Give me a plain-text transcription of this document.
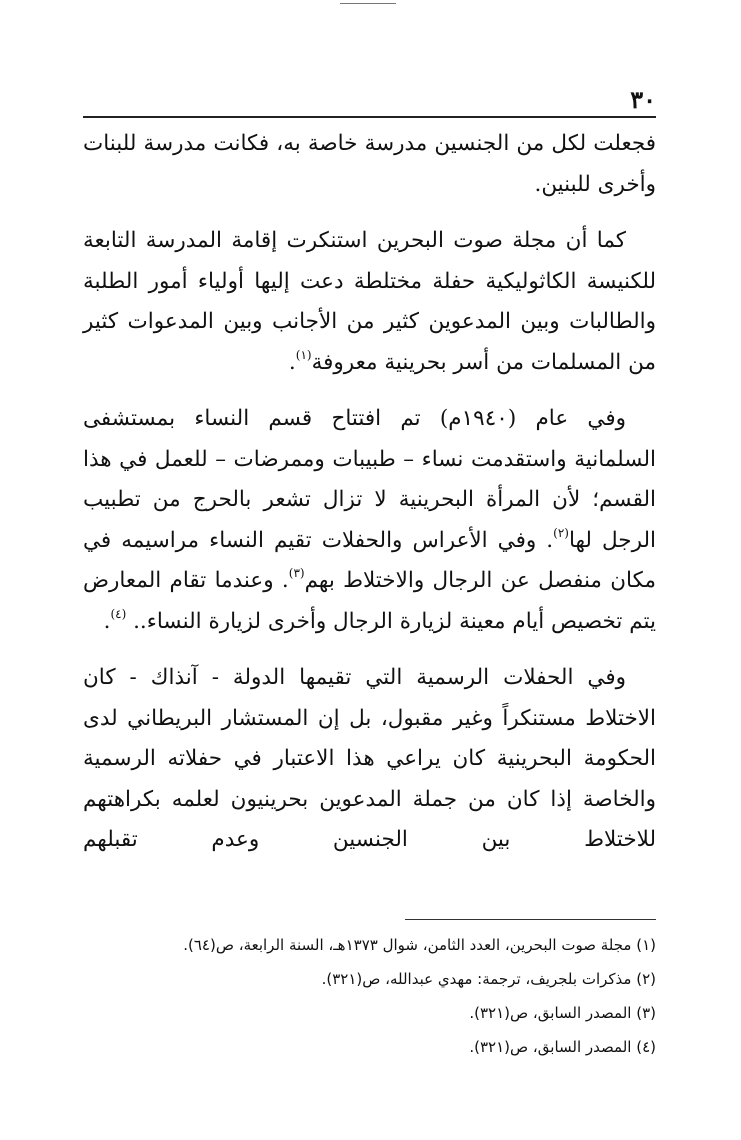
٣٠

فجعلت لكل من الجنسين مدرسة خاصة به، فكانت مدرسة للبنات وأخرى للبنين.

كما أن مجلة صوت البحرين استنكرت إقامة المدرسة التابعة للكنيسة الكاثوليكية حفلة مختلطة دعت إليها أولياء أمور الطلبة والطالبات وبين المدعوين كثير من الأجانب وبين المدعوات كثير من المسلمات من أسر بحرينية معروفة$^{(١)}$.

وفي عام (١٩٤٠م) تم افتتاح قسم النساء بمستشفى السلمانية واستقدمت نساء – طبيبات وممرضات – للعمل في هذا القسم؛ لأن المرأة البحرينية لا تزال تشعر بالحرج من تطبيب الرجل لها$^{(٢)}$. وفي الأعراس والحفلات تقيم النساء مراسيمه في مكان منفصل عن الرجال والاختلاط بهم$^{(٣)}$. وعندما تقام المعارض يتم تخصيص أيام معينة لزيارة الرجال وأخرى لزيارة النساء.. $^{(٤)}$.

وفي الحفلات الرسمية التي تقيمها الدولة - آنذاك - كان الاختلاط مستنكراً وغير مقبول، بل إن المستشار البريطاني لدى الحكومة البحرينية كان يراعي هذا الاعتبار في حفلاته الرسمية والخاصة إذا كان من جملة المدعوين بحرينيون لعلمه بكراهتهم للاختلاط بين الجنسين وعدم تقبلهم

(١) مجلة صوت البحرين، العدد الثامن، شوال ١٣٧٣هـ، السنة الرابعة، ص(٦٤).
(٢) مذكرات بلجريف، ترجمة: مهدي عبدالله، ص(٣٢١).
(٣) المصدر السابق، ص(٣٢١).
(٤) المصدر السابق، ص(٣٢١).
